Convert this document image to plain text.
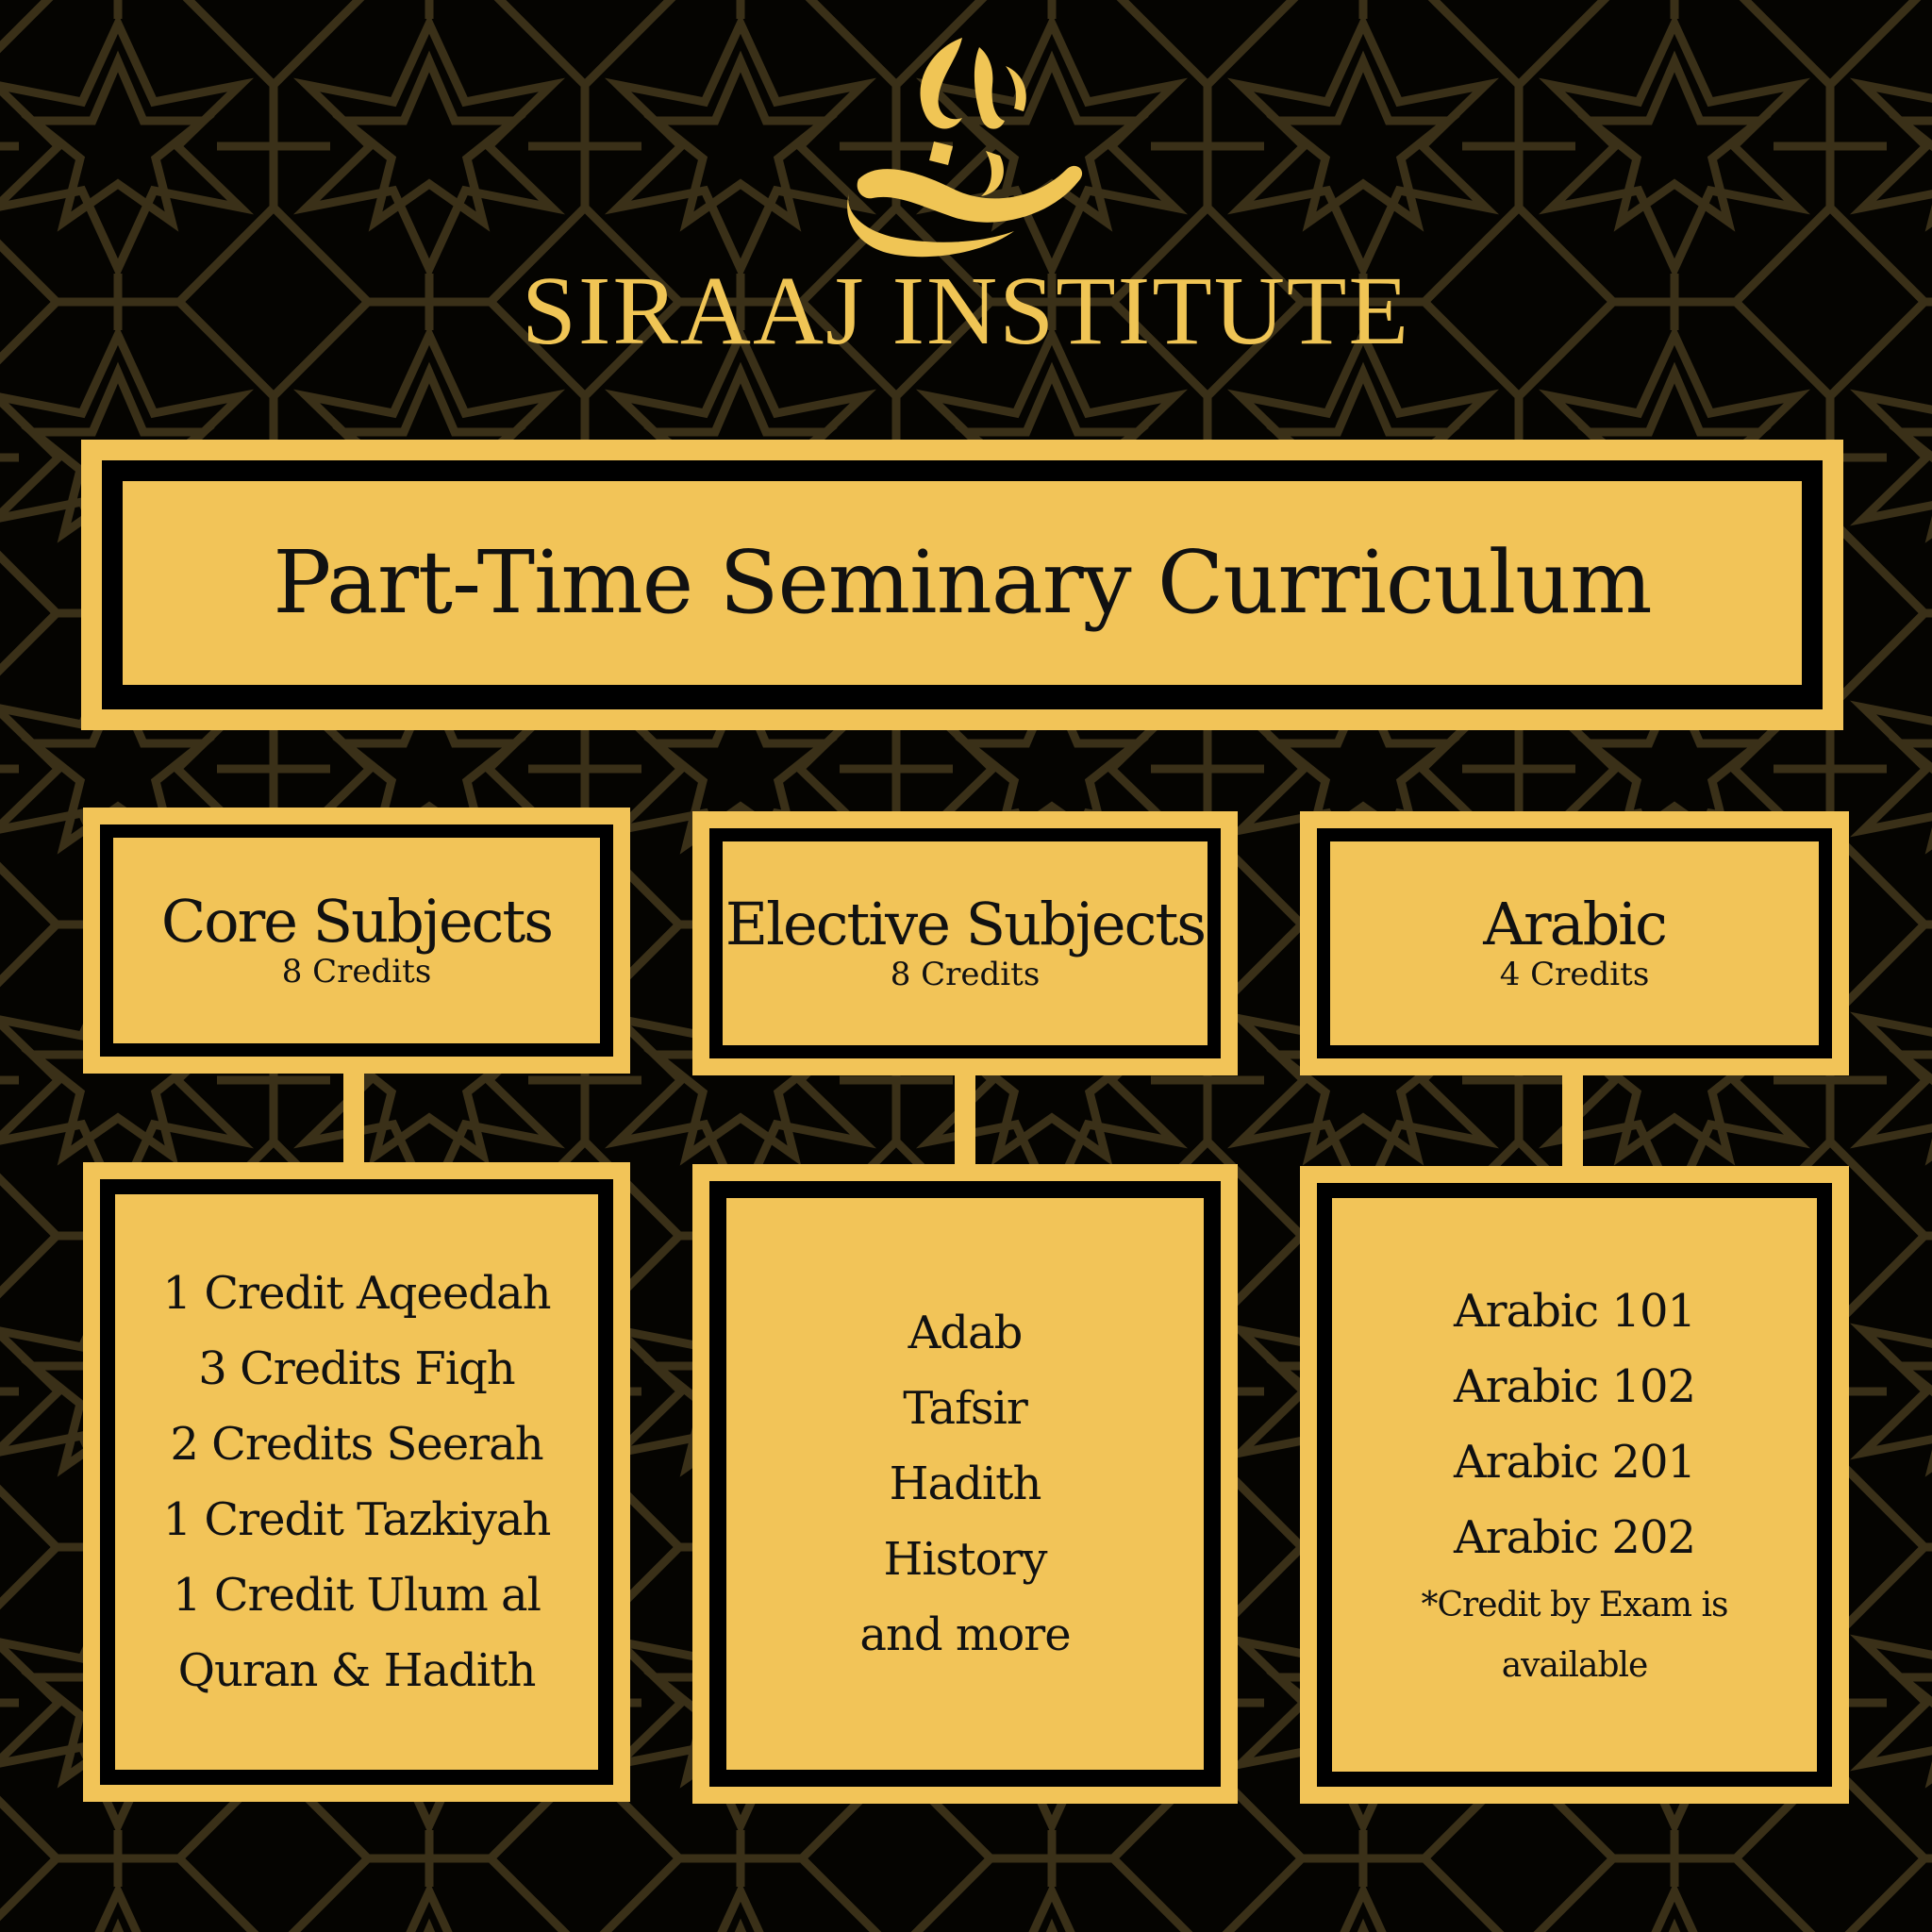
SIRAAJ INSTITUTE
Part-Time Seminary Curriculum
Core Subjects
8 Credits
1 Credit Aqeedah
3 Credits Fiqh
2 Credits Seerah
1 Credit Tazkiyah
1 Credit Ulum al
Quran & Hadith
Elective Subjects
8 Credits
Adab
Tafsir
Hadith
History
and more
Arabic
4 Credits
Arabic 101
Arabic 102
Arabic 201
Arabic 202
*Credit by Exam is
available
